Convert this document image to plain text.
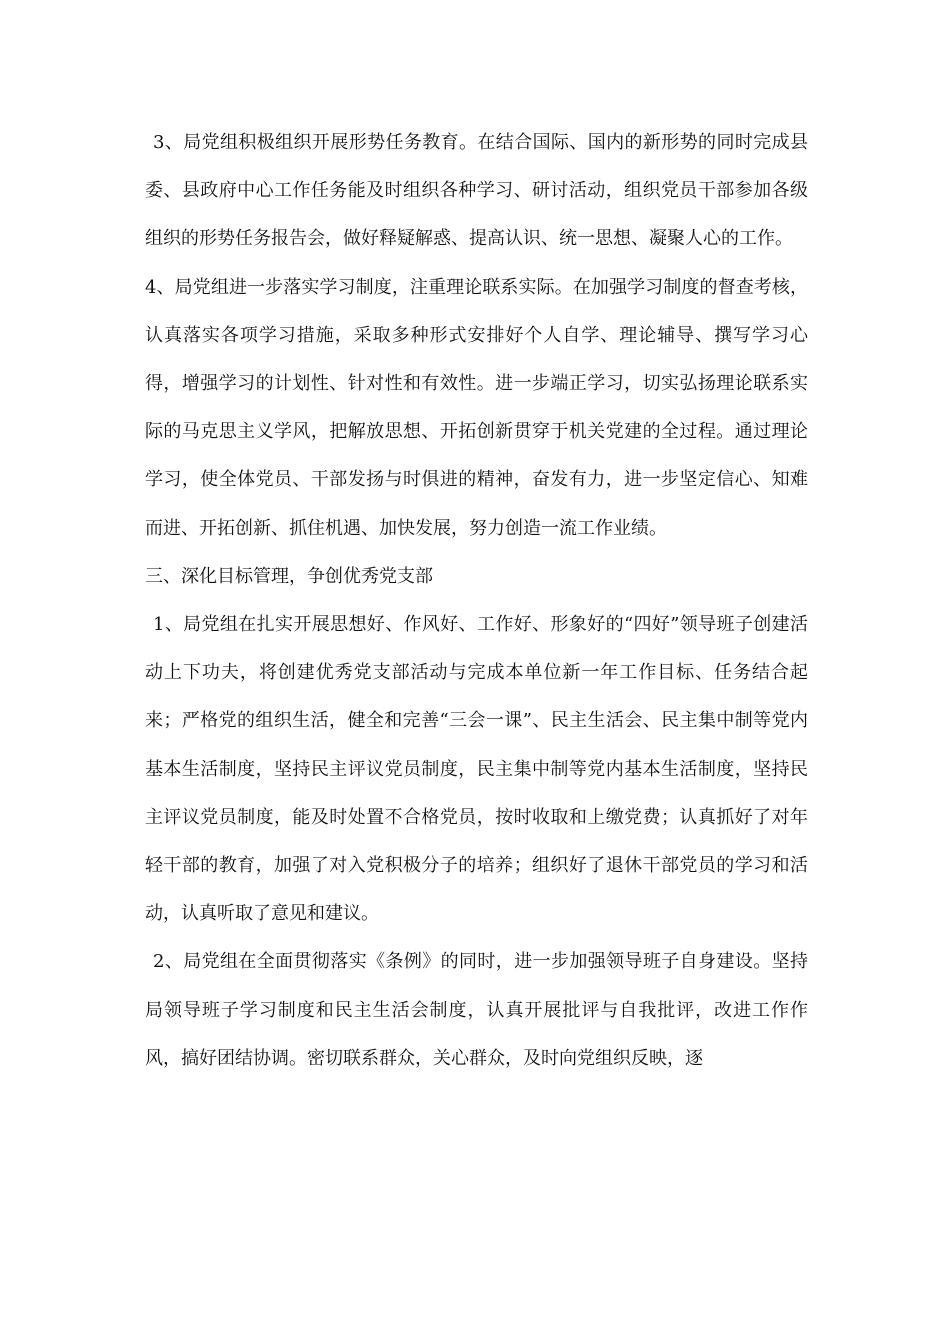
3、局党组积极组织开展形势任务教育。在结合国际、国内的新形势的同时完成县委、县政府中心工作任务能及时组织各种学习、研讨活动，组织党员干部参加各级组织的形势任务报告会，做好释疑解惑、提高认识、统一思想、凝聚人心的工作。

4、局党组进一步落实学习制度，注重理论联系实际。在加强学习制度的督查考核，认真落实各项学习措施，采取多种形式安排好个人自学、理论辅导、撰写学习心得，增强学习的计划性、针对性和有效性。进一步端正学习，切实弘扬理论联系实际的马克思主义学风，把解放思想、开拓创新贯穿于机关党建的全过程。通过理论学习，使全体党员、干部发扬与时俱进的精神，奋发有力，进一步坚定信心、知难而进、开拓创新、抓住机遇、加快发展，努力创造一流工作业绩。

三、深化目标管理，争创优秀党支部

1、局党组在扎实开展思想好、作风好、工作好、形象好的“四好”领导班子创建活动上下功夫，将创建优秀党支部活动与完成本单位新一年工作目标、任务结合起来；严格党的组织生活，健全和完善“三会一课”、民主生活会、民主集中制等党内基本生活制度，坚持民主评议党员制度，民主集中制等党内基本生活制度，坚持民主评议党员制度，能及时处置不合格党员，按时收取和上缴党费；认真抓好了对年轻干部的教育，加强了对入党积极分子的培养；组织好了退休干部党员的学习和活动，认真听取了意见和建议。

2、局党组在全面贯彻落实《条例》的同时，进一步加强领导班子自身建设。坚持局领导班子学习制度和民主生活会制度，认真开展批评与自我批评，改进工作作风，搞好团结协调。密切联系群众，关心群众，及时向党组织反映，逐
